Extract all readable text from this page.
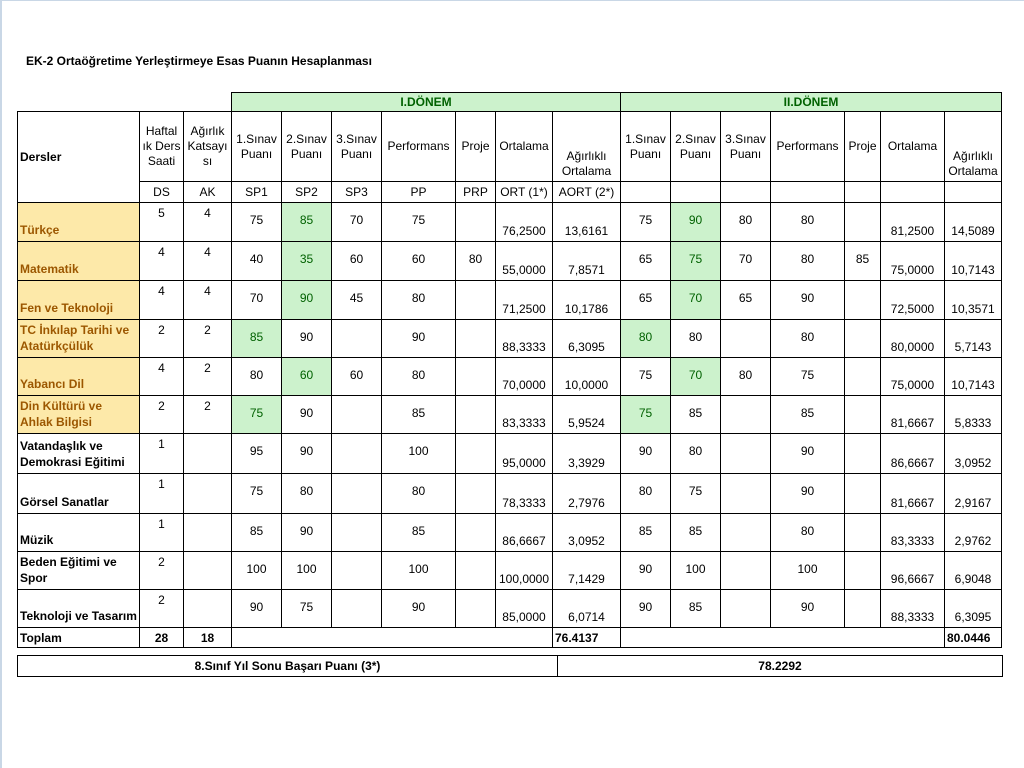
EK-2 Ortaöğretime Yerleştirmeye Esas Puanın Hesaplanması
			I.DÖNEM							II.DÖNEM						
Dersler	Haftal ık Ders Saati	Ağırlık Katsayı sı	1.Sınav Puanı	2.Sınav Puanı	3.Sınav Puanı	Performans	Proje	Ortalama	Ağırlıklı Ortalama	1.Sınav Puanı	2.Sınav Puanı	3.Sınav Puanı	Performans	Proje	Ortalama	Ağırlıklı Ortalama
	DS	AK	SP1	SP2	SP3	PP	PRP	ORT (1*)	AORT (2*)							
Türkçe	5	4	75	85	70	75		76,2500	13,6161	75	90	80	80		81,2500	14,5089
Matematik	4	4	40	35	60	60	80	55,0000	7,8571	65	75	70	80	85	75,0000	10,7143
Fen ve Teknoloji	4	4	70	90	45	80		71,2500	10,1786	65	70	65	90		72,5000	10,3571
TC İnkılap Tarihi ve Atatürkçülük	2	2	85	90		90		88,3333	6,3095	80	80		80		80,0000	5,7143
Yabancı Dil	4	2	80	60	60	80		70,0000	10,0000	75	70	80	75		75,0000	10,7143
Din Kültürü ve Ahlak Bilgisi	2	2	75	90		85		83,3333	5,9524	75	85		85		81,6667	5,8333
Vatandaşlık ve Demokrasi Eğitimi	1		95	90		100		95,0000	3,3929	90	80		90		86,6667	3,0952
Görsel Sanatlar	1		75	80		80		78,3333	2,7976	80	75		90		81,6667	2,9167
Müzik	1		85	90		85		86,6667	3,0952	85	85		80		83,3333	2,9762
Beden Eğitimi ve Spor	2		100	100		100		100,0000	7,1429	90	100		100		96,6667	6,9048
Teknoloji ve Tasarım	2		90	75		90		85,0000	6,0714	90	85		90		88,3333	6,3095
Toplam	28	18							76.4137							80.0446
8.Sınıf Yıl Sonu Başarı Puanı (3*)	78.2292
